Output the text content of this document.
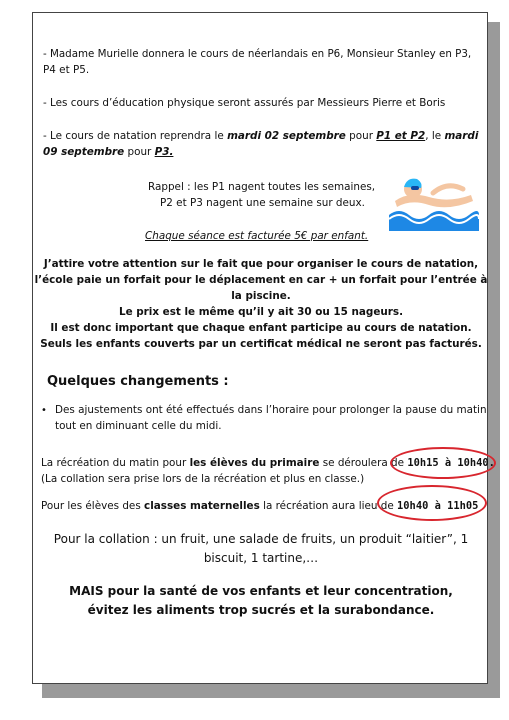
- Madame Murielle donnera le cours de néerlandais en P6, Monsieur Stanley en P3,
P4 et P5.
- Les cours d’éducation physique seront assurés par Messieurs Pierre et Boris
- Le cours de natation reprendra le mardi 02 septembre pour P1 et P2, le mardi
09 septembre pour P3.
Rappel : les P1 nagent toutes les semaines,
P2 et P3 nagent une semaine sur deux.
Chaque séance est facturée 5€ par enfant.
J’attire votre attention sur le fait que pour organiser le cours de natation,
l’école paie un forfait pour le déplacement en car + un forfait pour l’entrée à
la piscine.
Le prix est le même qu’il y ait 30 ou 15 nageurs.
Il est donc important que chaque enfant participe au cours de natation.
Seuls les enfants couverts par un certificat médical ne seront pas facturés.
Quelques changements :
• Des ajustements ont été effectués dans l’horaire pour prolonger la pause du matin
tout en diminuant celle du midi.
La récréation du matin pour les élèves du primaire se déroulera de 10h15 à 10h40.
(La collation sera prise lors de la récréation et plus en classe.)
Pour les élèves des classes maternelles la récréation aura lieu de 10h40 à 11h05
Pour la collation : un fruit, une salade de fruits, un produit “laitier”, 1
biscuit, 1 tartine,…
MAIS pour la santé de vos enfants et leur concentration,
évitez les aliments trop sucrés et la surabondance.
